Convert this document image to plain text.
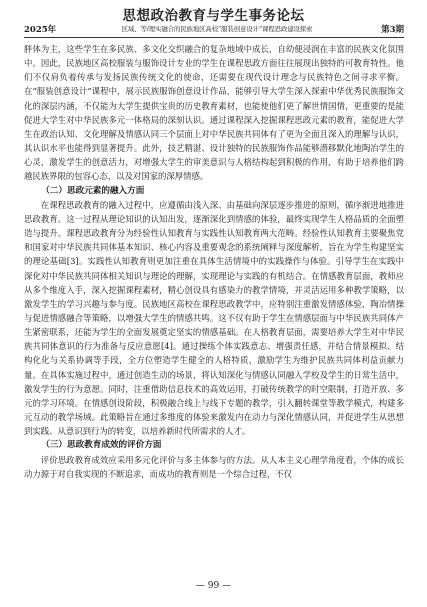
思想政治教育与学生事务论坛
2025年	区域、等/理实融合的民族地区高校“服装创意设计”课程思政建设探索	第3期

胖体为主，这些学生在多民族、多文化交织融合的复杂地域中成长，自幼便浸润在丰富的民族文化氛围中。因此，民族地区高校服装与服饰设计专业的学生在课程思政方面往往展现出独特的可教育特性。他们不仅肩负着传承与发扬民族传统文化的使命，还需要在现代设计理念与民族特色之间寻求平衡。在“服装创意设计”课程中，展示民族服饰创意设计作品，能够引导大学生深入探索中华优秀民族服饰文化的深层内涵，不仅能为大学生提供宝贵的历史教育素材，也能使他们更了解世情国情，更重要的是能促进大学生对中华民族多元一体格局的深刻认识。通过课程深入挖掘课程思政元素的教育，能促进大学生在政治认知、文化理解及情感认同三个层面上对中华民族共同体有了更为全面且深入的理解与认识，其认识水平也能得到显著提升。此外，技艺精湛、设计独特的民族服饰作品能够潜移默化地陶冶学生的心灵，激发学生的创意活力，对增强大学生的审美意识与人格结构起到积极的作用，有助于培养他们跨越民族界限的包容心态，以及对国家的深厚情感。

（二）思政元素的融入方面

在课程思政教育的融入过程中，应遵循由浅入深、由基础向深层逐步推进的原则，循序渐进地推进思政教育。这一过程从理论知识的认知出发，逐渐深化到情感的体验，最终实现学生人格品质的全面塑造与提升。课程思政教育分为经验性认知教育与实践性认知教育两大范畴。经验性认知教育主要聚焦党和国家对中华民族共同体基本知识、核心内容及重要观念的系统阐释与深度解析，旨在为学生构建坚实的理论基础[3]。实践性认知教育则更加注重在具体生活情境中的实践操作与体验。引导学生在实践中深化对中华民族共同体相关知识与理论的理解，实现理论与实践的有机结合。在情感教育层面，教师应从多个维度入手，深入挖掘课程素材，精心创设具有感染力的教学情境，并灵活运用多种教学策略，以激发学生的学习兴趣与参与度。民族地区高校在课程思政教学中，应特别注重激发情感体验，陶冶情操与促进情感融合等策略，以增强大学生的情感共鸣。这不仅有助于学生在情感层面与中华民族共同体产生紧密联系，还能为学生的全面发展奠定坚实的情感基础。在人格教育层面，需要培养大学生对中华民族共同体意识的行为准备与反应意愿[4]。通过操练个体实践意志、增强责任感，并结合情景模拟、结构化化与关系协调等手段，全方位塑造学生健全的人格特质，激励学生为维护民族共同体利益贡献力量。在具体实施过程中，通过创造生动的场景，将认知深化与情感认同融入学校及学生的日常生活中，激发学生的行为意愿。同时，注重借助信息技术的高效运用，打破传统教学的时空限制，打造开放、多元的学习环境。在情感创设阶段，积极融合线上与线下专题的教学，引入翻转课堂等教学模式，构建多元互动的教学场域。此策略旨在通过多维度的体验来激发内在动力与深化情感认同，并促进学生从思想到实践、从意识到行为的转变，以培养新时代所需求的人才。

（三）思政教育成效的评价方面

评价思政教育成效应采用多元化评价与多主体参与的方法。从人本主义心理学角度看，个体的成长动力源于对自我实现的不断追求，而成功的教育则是一个综合过程，不仅

— 99 —
